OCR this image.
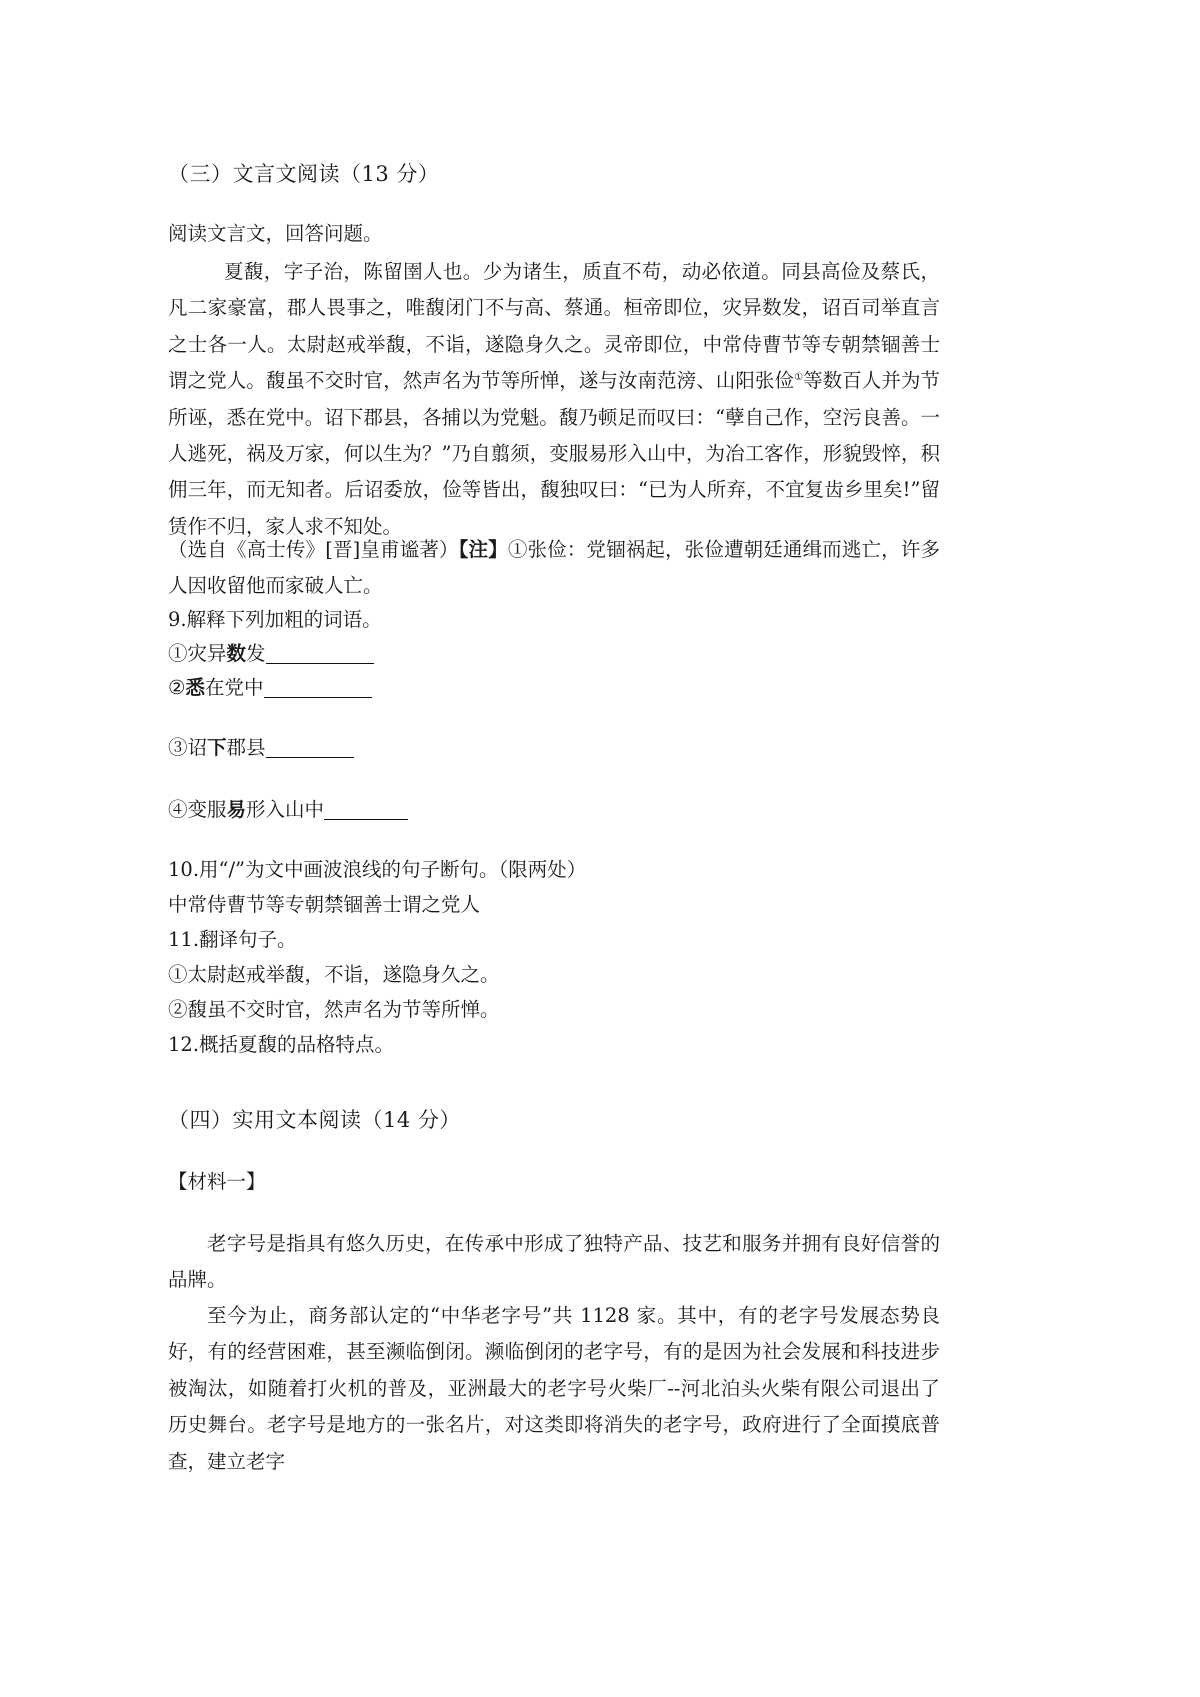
（三）文言文阅读（13 分）
阅读文言文，回答问题。
夏馥，字子治，陈留圉人也。少为诸生，质直不苟，动必依道。同县高俭及蔡氏，凡二家豪富，郡人畏事之，唯馥闭门不与高、蔡通。桓帝即位，灾异数发，诏百司举直言之士各一人。太尉赵戒举馥，不诣，遂隐身久之。灵帝即位，中常侍曹节等专朝禁锢善士谓之党人。馥虽不交时官，然声名为节等所惮，遂与汝南范滂、山阳张俭①等数百人并为节所诬，悉在党中。诏下郡县，各捕以为党魁。馥乃顿足而叹曰：“孽自己作，空污良善。一人逃死，祸及万家，何以生为？”乃自翦须，变服易形入山中，为冶工客作，形貌毁悴，积佣三年，而无知者。后诏委放，俭等皆出，馥独叹曰：“已为人所弃，不宜复齿乡里矣!”留赁作不归，家人求不知处。
（选自《高士传》[晋]皇甫谧著）【注】①张俭：党锢祸起，张俭遭朝廷通缉而逃亡，许多人因收留他而家破人亡。
9.解释下列加粗的词语。
①灾异数发
②悉在党中
③诏下郡县
④变服易形入山中
10.用“/”为文中画波浪线的句子断句。（限两处）
中常侍曹节等专朝禁锢善士谓之党人
11.翻译句子。
①太尉赵戒举馥，不诣，遂隐身久之。
②馥虽不交时官，然声名为节等所惮。
12.概括夏馥的品格特点。
（四）实用文本阅读（14 分）
【材料一】
老字号是指具有悠久历史，在传承中形成了独特产品、技艺和服务并拥有良好信誉的品牌。
至今为止，商务部认定的“中华老字号”共 1128 家。其中，有的老字号发展态势良好，有的经营困难，甚至濒临倒闭。濒临倒闭的老字号，有的是因为社会发展和科技进步被淘汰，如随着打火机的普及，亚洲最大的老字号火柴厂--河北泊头火柴有限公司退出了历史舞台。老字号是地方的一张名片，对这类即将消失的老字号，政府进行了全面摸底普查，建立老字
